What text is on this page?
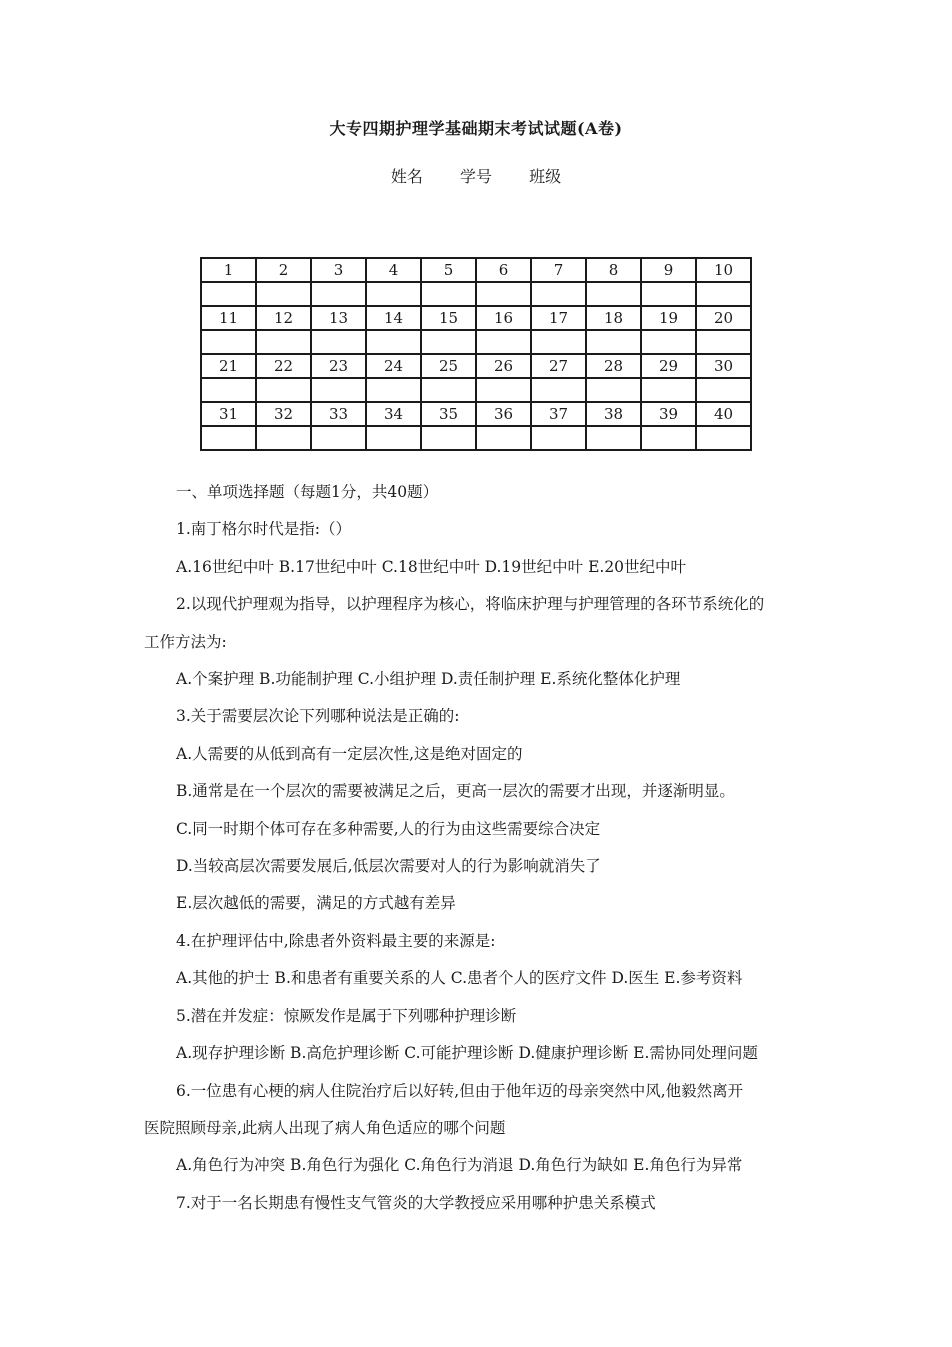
大专四期护理学基础期末考试试题(A卷)
姓名 学号 班级
1	2	3	4	5	6	7	8	9	10

11	12	13	14	15	16	17	18	19	20

21	22	23	24	25	26	27	28	29	30

31	32	33	34	35	36	37	38	39	40

一、单项选择题（每题1分，共40题）

1.南丁格尔时代是指:（）

A.16世纪中叶 B.17世纪中叶 C.18世纪中叶 D.19世纪中叶 E.20世纪中叶

2.以现代护理观为指导，以护理程序为核心，将临床护理与护理管理的各环节系统化的

工作方法为:

A.个案护理 B.功能制护理 C.小组护理 D.责任制护理 E.系统化整体化护理

3.关于需要层次论下列哪种说法是正确的:

A.人需要的从低到高有一定层次性,这是绝对固定的

B.通常是在一个层次的需要被满足之后，更高一层次的需要才出现，并逐渐明显。

C.同一时期个体可存在多种需要,人的行为由这些需要综合决定

D.当较高层次需要发展后,低层次需要对人的行为影响就消失了

E.层次越低的需要，满足的方式越有差异

4.在护理评估中,除患者外资料最主要的来源是:

A.其他的护士 B.和患者有重要关系的人 C.患者个人的医疗文件 D.医生 E.参考资料

5.潜在并发症：惊厥发作是属于下列哪种护理诊断

A.现存护理诊断 B.高危护理诊断 C.可能护理诊断 D.健康护理诊断 E.需协同处理问题

6.一位患有心梗的病人住院治疗后以好转,但由于他年迈的母亲突然中风,他毅然离开

医院照顾母亲,此病人出现了病人角色适应的哪个问题

A.角色行为冲突 B.角色行为强化 C.角色行为消退 D.角色行为缺如 E.角色行为异常

7.对于一名长期患有慢性支气管炎的大学教授应采用哪种护患关系模式
